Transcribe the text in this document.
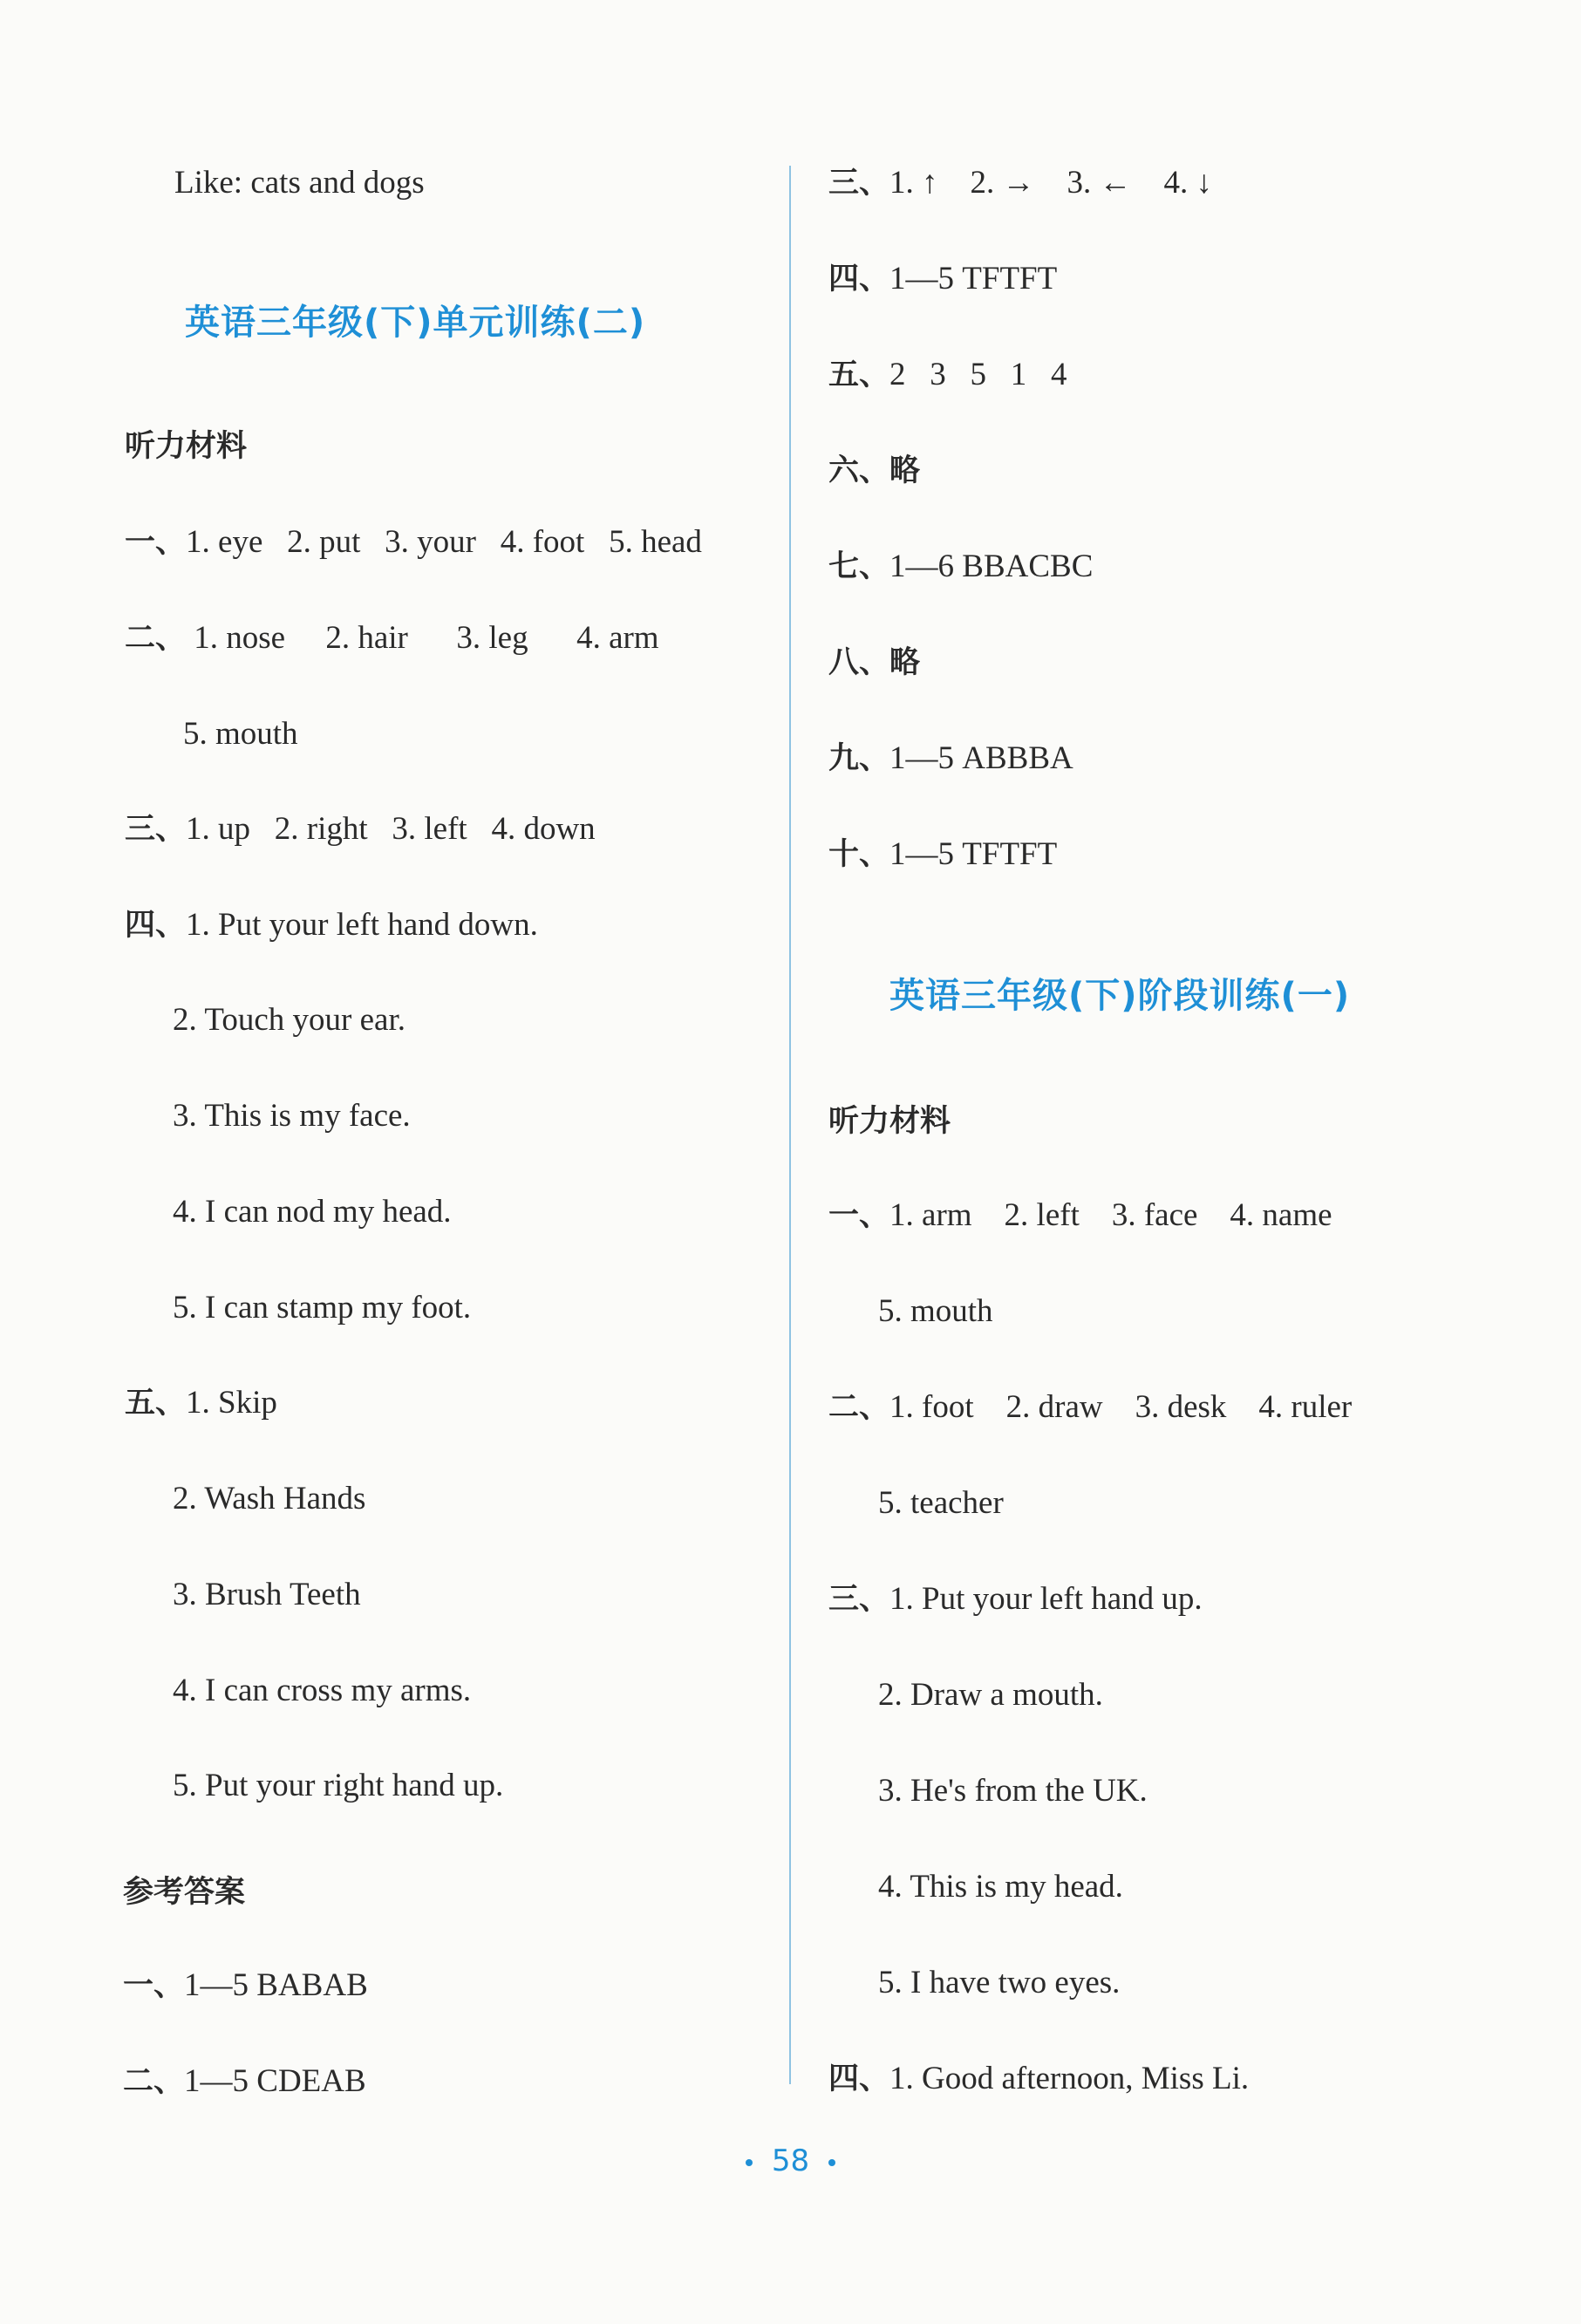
Like: cats and dogs
英语三年级(下)单元训练(二)
听力材料
一、1. eye   2. put   3. your   4. foot   5. head
二、 1. nose     2. hair      3. leg      4. arm
5. mouth
三、1. up   2. right   3. left   4. down
四、1. Put your left hand down.
2. Touch your ear.
3. This is my face.
4. I can nod my head.
5. I can stamp my foot.
五、1. Skip
2. Wash Hands
3. Brush Teeth
4. I can cross my arms.
5. Put your right hand up.
参考答案
一、1—5 BABAB
二、1—5 CDEAB
三、1. ↑    2. →    3. ←    4. ↓
四、1—5 TFTFT
五、2   3   5   1   4
六、略
七、1—6 BBACBC
八、略
九、1—5 ABBBA
十、1—5 TFTFT
英语三年级(下)阶段训练(一)
听力材料
一、1. arm    2. left    3. face    4. name
5. mouth
二、1. foot    2. draw    3. desk    4. ruler
5. teacher
三、1. Put your left hand up.
2. Draw a mouth.
3. He's from the UK.
4. This is my head.
5. I have two eyes.
四、1. Good afternoon, Miss Li.
58
